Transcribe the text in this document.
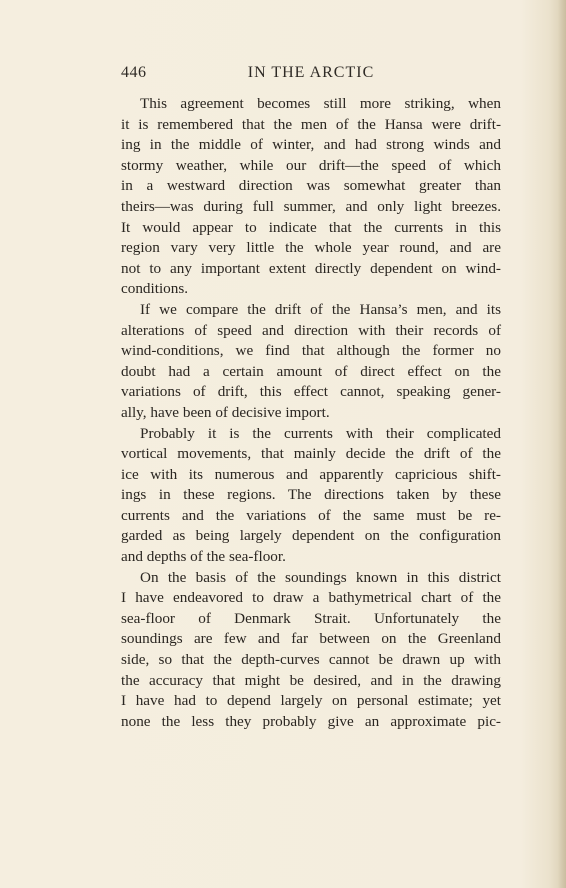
446	IN THE ARCTIC
This agreement becomes still more striking, when
it is remembered that the men of the Hansa were drift-
ing in the middle of winter, and had strong winds and
stormy weather, while our drift—the speed of which
in a westward direction was somewhat greater than
theirs—was during full summer, and only light breezes.
It would appear to indicate that the currents in this
region vary very little the whole year round, and are
not to any important extent directly dependent on wind-
conditions.
If we compare the drift of the Hansa’s men, and its
alterations of speed and direction with their records of
wind-conditions, we find that although the former no
doubt had a certain amount of direct effect on the
variations of drift, this effect cannot, speaking gener-
ally, have been of decisive import.
Probably it is the currents with their complicated
vortical movements, that mainly decide the drift of the
ice with its numerous and apparently capricious shift-
ings in these regions. The directions taken by these
currents and the variations of the same must be re-
garded as being largely dependent on the configuration
and depths of the sea-floor.
On the basis of the soundings known in this district
I have endeavored to draw a bathymetrical chart of the
sea-floor of Denmark Strait. Unfortunately the
soundings are few and far between on the Greenland
side, so that the depth-curves cannot be drawn up with
the accuracy that might be desired, and in the drawing
I have had to depend largely on personal estimate; yet
none the less they probably give an approximate pic-
